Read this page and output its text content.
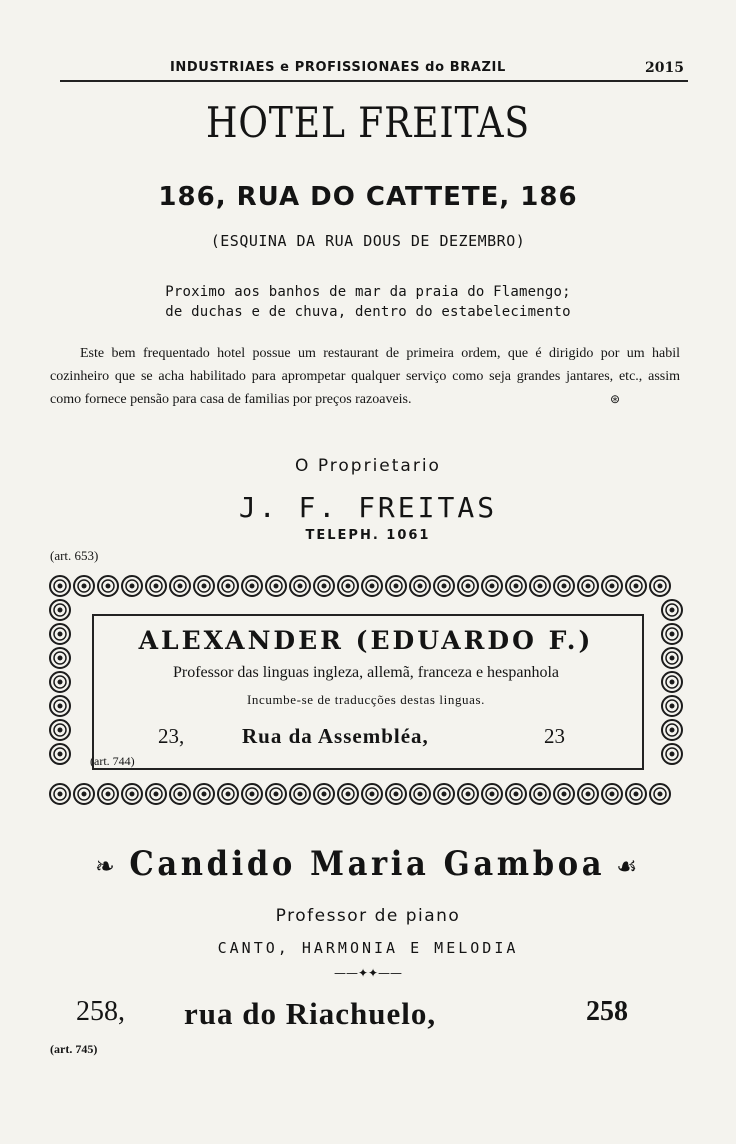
INDUSTRIAES e PROFISSIONAES do BRAZIL	2015
HOTEL FREITAS
186, RUA DO CATTETE, 186
(ESQUINA DA RUA DOUS DE DEZEMBRO)
Proximo aos banhos de mar da praia do Flamengo;
de duchas e de chuva, dentro do estabelecimento
Este bem frequentado hotel possue um restaurant de primeira ordem, que é dirigido por um habil cozinheiro que se acha habilitado para aprompetar qualquer serviço como seja grandes jantares, etc., assim como fornece pensão para casa de familias por preços razoaveis.	⊛
O Proprietario
J. F. FREITAS
TELEPH. 1061
(art. 653)
ALEXANDER (EDUARDO F.)
Professor das linguas ingleza, allemã, franceza e hespanhola
Incumbe-se de traducções destas linguas.
23,	Rua da Assembléa,	23
(art. 744)
❧ Candido Maria Gamboa ☙
Professor de piano
CANTO, HARMONIA E MELODIA
——✦✦——
258, rua do Riachuelo,	258
(art. 745)
